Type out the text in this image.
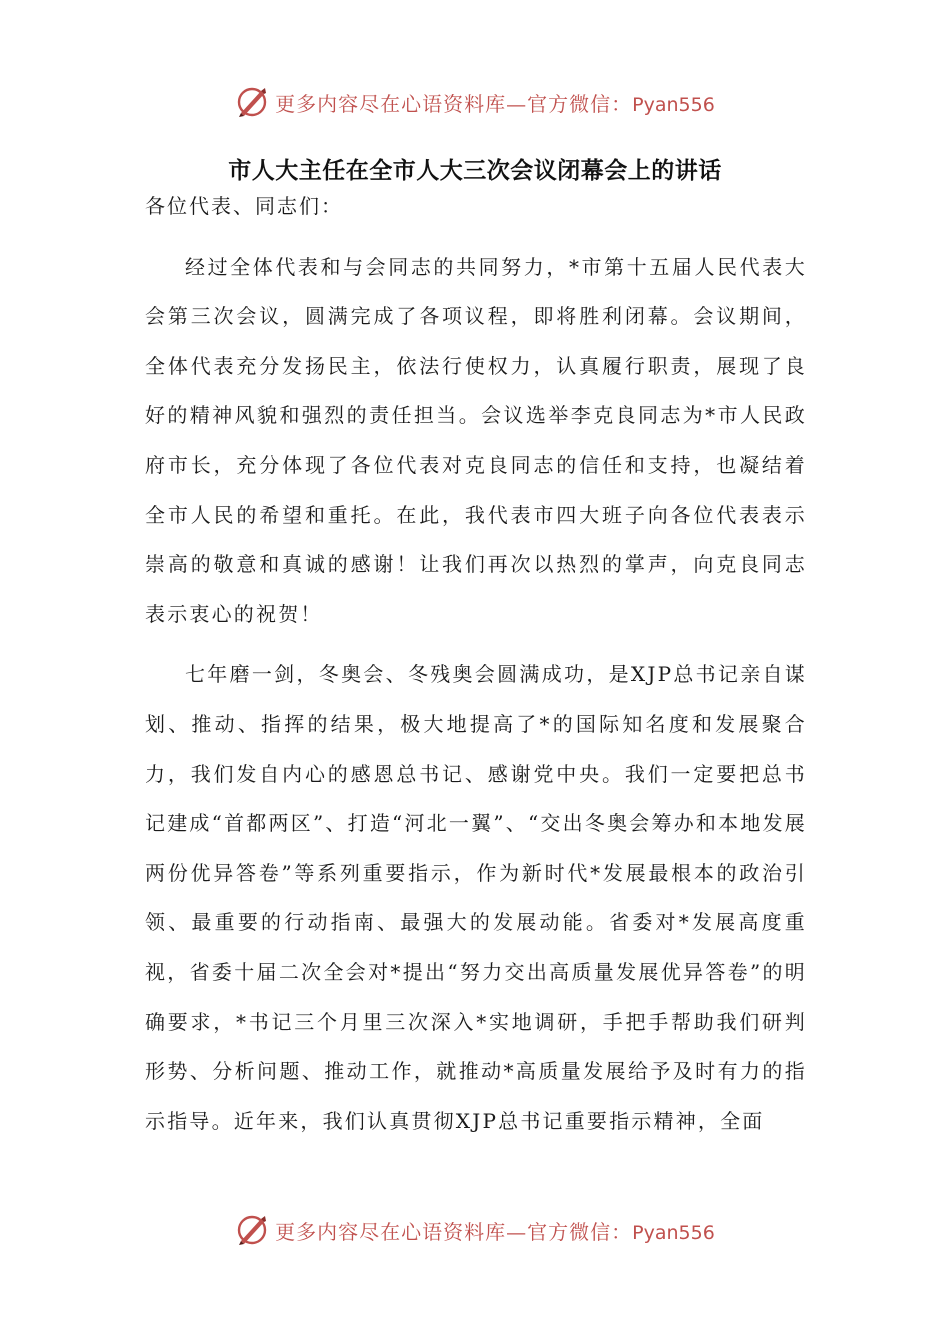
更多内容尽在心语资料库—官方微信：Pyan556
市人大主任在全市人大三次会议闭幕会上的讲话

各位代表、同志们：

经过全体代表和与会同志的共同努力，*市第十五届人民代表大会第三次会议，圆满完成了各项议程，即将胜利闭幕。会议期间，全体代表充分发扬民主，依法行使权力，认真履行职责，展现了良好的精神风貌和强烈的责任担当。会议选举李克良同志为*市人民政府市长，充分体现了各位代表对克良同志的信任和支持，也凝结着全市人民的希望和重托。在此，我代表市四大班子向各位代表表示崇高的敬意和真诚的感谢！让我们再次以热烈的掌声，向克良同志表示衷心的祝贺！

七年磨一剑，冬奥会、冬残奥会圆满成功，是XJP总书记亲自谋划、推动、指挥的结果，极大地提高了*的国际知名度和发展聚合力，我们发自内心的感恩总书记、感谢党中央。我们一定要把总书记建成“首都两区”、打造“河北一翼”、“交出冬奥会筹办和本地发展两份优异答卷”等系列重要指示，作为新时代*发展最根本的政治引领、最重要的行动指南、最强大的发展动能。省委对*发展高度重视，省委十届二次全会对*提出“努力交出高质量发展优异答卷”的明确要求，*书记三个月里三次深入*实地调研，手把手帮助我们研判形势、分析问题、推动工作，就推动*高质量发展给予及时有力的指示指导。近年来，我们认真贯彻XJP总书记重要指示精神，全面

更多内容尽在心语资料库—官方微信：Pyan556
